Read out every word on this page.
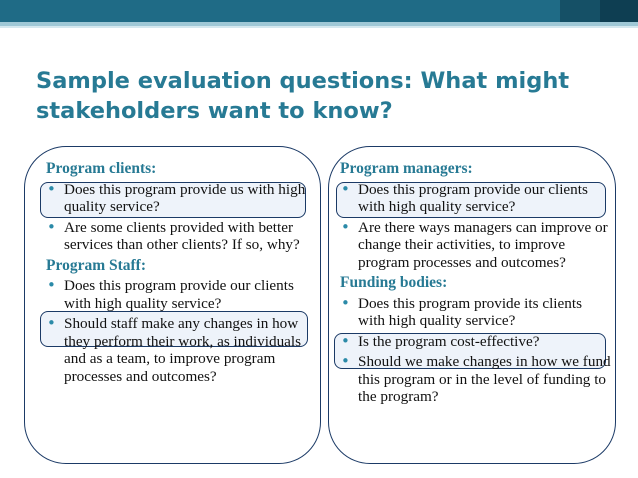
Sample evaluation questions: What might stakeholders want to know?
Program clients:
• Does this program provide us with high quality service?
• Are some clients provided with better services than other clients? If so, why?
Program Staff:
• Does this program provide our clients with high quality service?
• Should staff make any changes in how they perform their work, as individuals and as a team, to improve program processes and outcomes?
Program managers:
• Does this program provide our clients with high quality service?
• Are there ways managers can improve or change their activities, to improve program processes and outcomes?
Funding bodies:
• Does this program provide its clients with high quality service?
• Is the program cost-effective?
• Should we make changes in how we fund this program or in the level of funding to the program?
